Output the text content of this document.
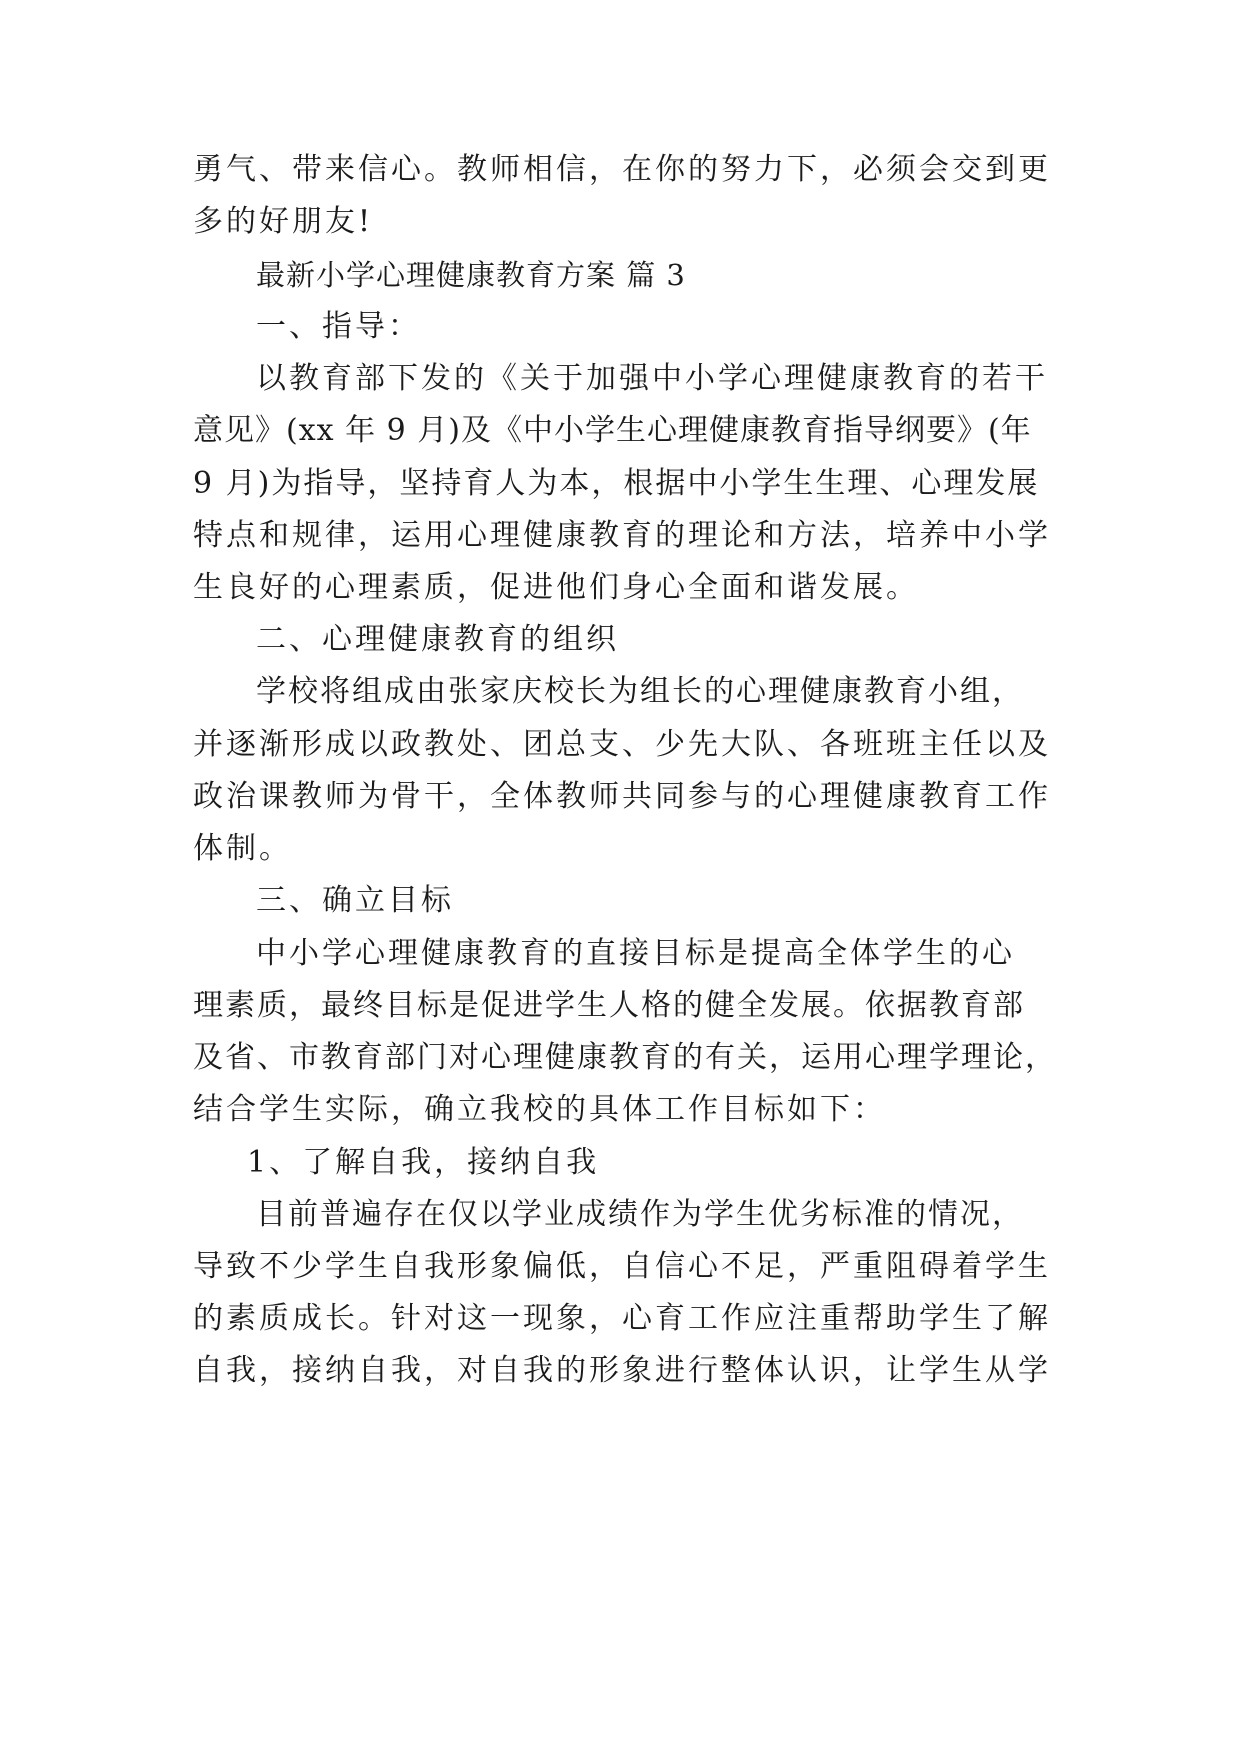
勇气、带来信心。教师相信，在你的努力下，必须会交到更
多的好朋友!
最新小学心理健康教育方案 篇 3
一、指导：
以教育部下发的《关于加强中小学心理健康教育的若干
意见》(xx 年 9 月)及《中小学生心理健康教育指导纲要》(年
9 月)为指导，坚持育人为本，根据中小学生生理、心理发展
特点和规律，运用心理健康教育的理论和方法，培养中小学
生良好的心理素质，促进他们身心全面和谐发展。
二、心理健康教育的组织
学校将组成由张家庆校长为组长的心理健康教育小组，
并逐渐形成以政教处、团总支、少先大队、各班班主任以及
政治课教师为骨干，全体教师共同参与的心理健康教育工作
体制。
三、确立目标
中小学心理健康教育的直接目标是提高全体学生的心
理素质，最终目标是促进学生人格的健全发展。依据教育部
及省、市教育部门对心理健康教育的有关，运用心理学理论，
结合学生实际，确立我校的具体工作目标如下：
1、了解自我，接纳自我
目前普遍存在仅以学业成绩作为学生优劣标准的情况，
导致不少学生自我形象偏低，自信心不足，严重阻碍着学生
的素质成长。针对这一现象，心育工作应注重帮助学生了解
自我，接纳自我，对自我的形象进行整体认识，让学生从学
